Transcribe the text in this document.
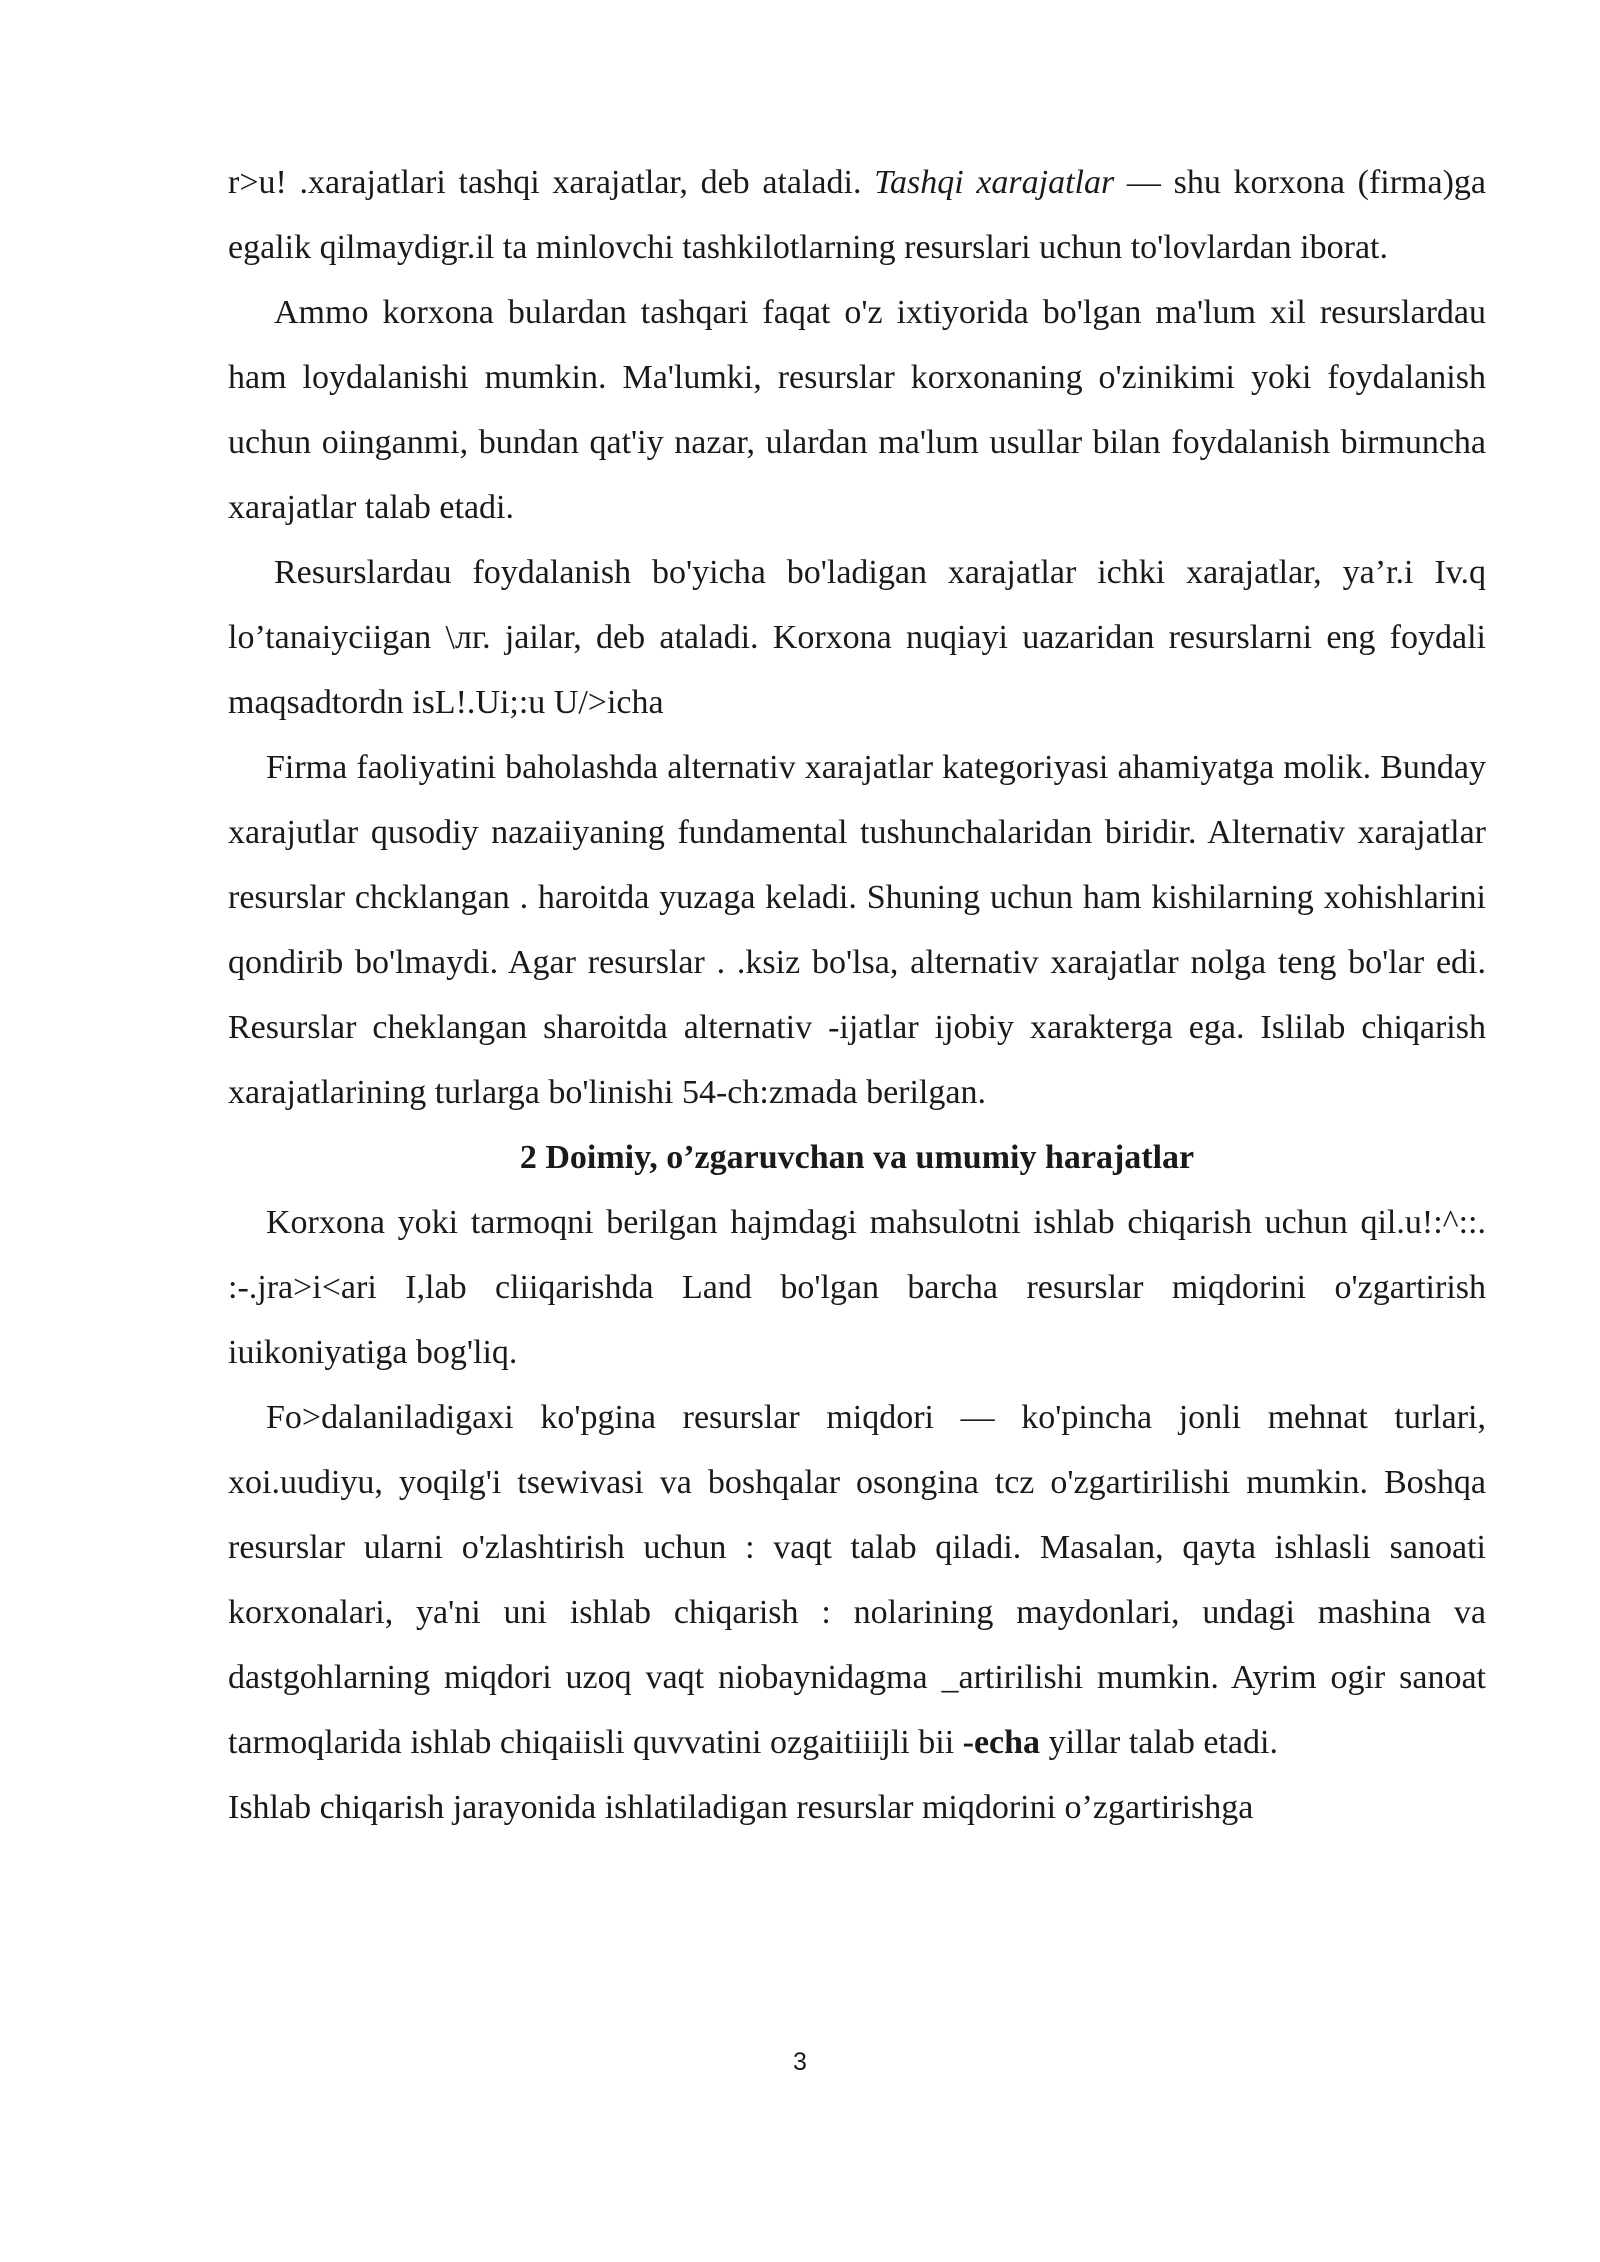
r>u! .xarajatlari tashqi xarajatlar, deb ataladi. Tashqi xarajatlar — shu korxona (firma)ga egalik qilmaydigr.il ta minlovchi tashkilotlarning resurslari uchun to'lovlardan iborat.

Ammo korxona bulardan tashqari faqat o'z ixtiyorida bo'lgan ma'lum xil resurslardau ham loydalanishi mumkin. Ma'lumki, resurslar korxonaning o'zinikimi yoki foydalanish uchun oiinganmi, bundan qat'iy nazar, ulardan ma'lum usullar bilan foydalanish birmuncha xarajatlar talab etadi.

Resurslardau foydalanish bo'yicha bo'ladigan xarajatlar ichki xarajatlar, ya’r.i Iv.q lo’tanaiyciigan \лг. jailar, deb ataladi. Korxona nuqiayi uazaridan resurslarni eng foydali maqsadtordn isL!.Ui;:u U/>icha

Firma faoliyatini baholashda alternativ xarajatlar kategoriyasi ahamiyatga molik. Bunday xarajutlar qusodiy nazaiiyaning fundamental tushunchalaridan biridir. Alternativ xarajatlar resurslar chcklangan . haroitda yuzaga keladi. Shuning uchun ham kishilarning xohishlarini qondirib bo'lmaydi. Agar resurslar . .ksiz bo'lsa, alternativ xarajatlar nolga teng bo'lar edi. Resurslar cheklangan sharoitda alternativ -ijatlar ijobiy xarakterga ega. Islilab chiqarish xarajatlarining turlarga bo'linishi 54-ch:zmada berilgan.

2 Doimiy, o’zgaruvchan va umumiy harajatlar

Korxona yoki tarmoqni berilgan hajmdagi mahsulotni ishlab chiqarish uchun qil.u!:^::. :-.jra>i<ari I,lab cliiqarishda Land bo'lgan barcha resurslar miqdorini o'zgartirish iuikoniyatiga bog'liq.

Fo>dalaniladigaxi ko'pgina resurslar miqdori — ko'pincha jonli mehnat turlari, xoi.uudiyu, yoqilg'i tsewivasi va boshqalar osongina tcz o'zgartirilishi mumkin. Boshqa resurslar ularni o'zlashtirish uchun : vaqt talab qiladi. Masalan, qayta ishlasli sanoati korxonalari, ya'ni uni ishlab chiqarish : nolarining maydonlari, undagi mashina va dastgohlarning miqdori uzoq vaqt niobaynidagma _artirilishi mumkin. Ayrim ogir sanoat tarmoqlarida ishlab chiqaiisli quvvatini ozgaitiiijli bii -echa yillar talab etadi.

Ishlab chiqarish jarayonida ishlatiladigan resurslar miqdorini o’zgartirishga

3
